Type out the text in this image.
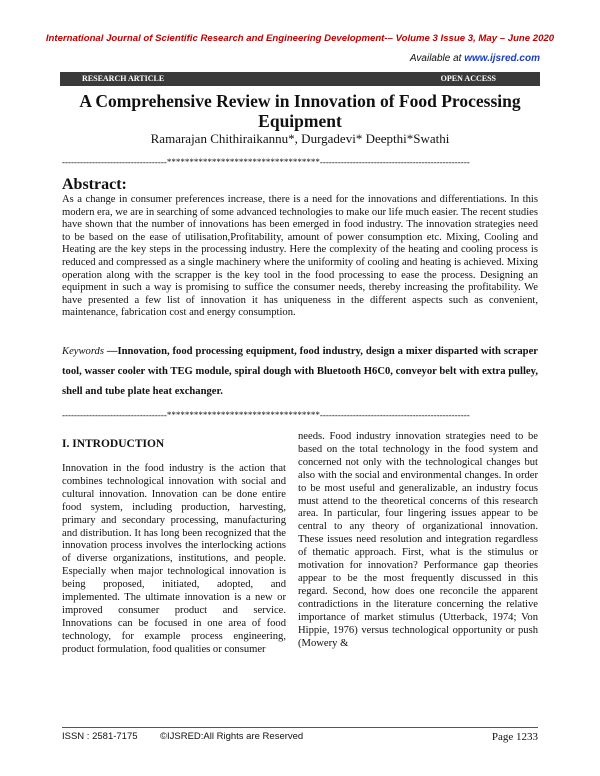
International Journal of Scientific Research and Engineering Development-– Volume 3 Issue 3, May – June 2020
Available at www.ijsred.com
RESEARCH ARTICLE	OPEN ACCESS
A Comprehensive Review in Innovation of Food Processing Equipment
Ramarajan Chithiraikannu*, Durgadevi* Deepthi*Swathi
-----------------------------------**********************************--------------------------------------------------
Abstract:
As a change in consumer preferences increase, there is a need for the innovations and differentiations. In this modern era, we are in searching of some advanced technologies to make our life much easier. The recent studies have shown that the number of innovations has been emerged in food industry. The innovation strategies need to be based on the ease of utilisation,Profitability, amount of power consumption etc. Mixing, Cooling and Heating are the key steps in the processing industry. Here the complexity of the heating and cooling process is reduced and compressed as a single machinery where the uniformity of cooling and heating is achieved. Mixing operation along with the scrapper is the key tool in the food processing to ease the process. Designing an equipment in such a way is promising to suffice the consumer needs, thereby increasing the profitability. We have presented a few list of innovation it has uniqueness in the different aspects such as convenient, maintenance, fabrication cost and energy consumption.
Keywords —Innovation, food processing equipment, food industry, design a mixer disparted with scraper tool, wasser cooler with TEG module, spiral dough with Bluetooth H6C0, conveyor belt with extra pulley, shell and tube plate heat exchanger.
-----------------------------------**********************************--------------------------------------------------
I. INTRODUCTION
Innovation in the food industry is the action that combines technological innovation with social and cultural innovation. Innovation can be done entire food system, including production, harvesting, primary and secondary processing, manufacturing and distribution. It has long been recognized that the innovation process involves the interlocking actions of diverse organizations, institutions, and people. Especially when major technological innovation is being proposed, initiated, adopted, and implemented. The ultimate innovation is a new or improved consumer product and service. Innovations can be focused in one area of food technology, for example process engineering, product formulation, food qualities or consumer
needs. Food industry innovation strategies need to be based on the total technology in the food system and concerned not only with the technological changes but also with the social and environmental changes. In order to be most useful and generalizable, an industry focus must attend to the theoretical concerns of this research area. In particular, four lingering issues appear to be central to any theory of organizational innovation. These issues need resolution and integration regardless of thematic approach. First, what is the stimulus or motivation for innovation? Performance gap theories appear to be the most frequently discussed in this regard. Second, how does one reconcile the apparent contradictions in the literature concerning the relative importance of market stimulus (Utterback, 1974; Von Hippie, 1976) versus technological opportunity or push (Mowery &
ISSN : 2581-7175 ©IJSRED:All Rights are Reserved	Page 1233
